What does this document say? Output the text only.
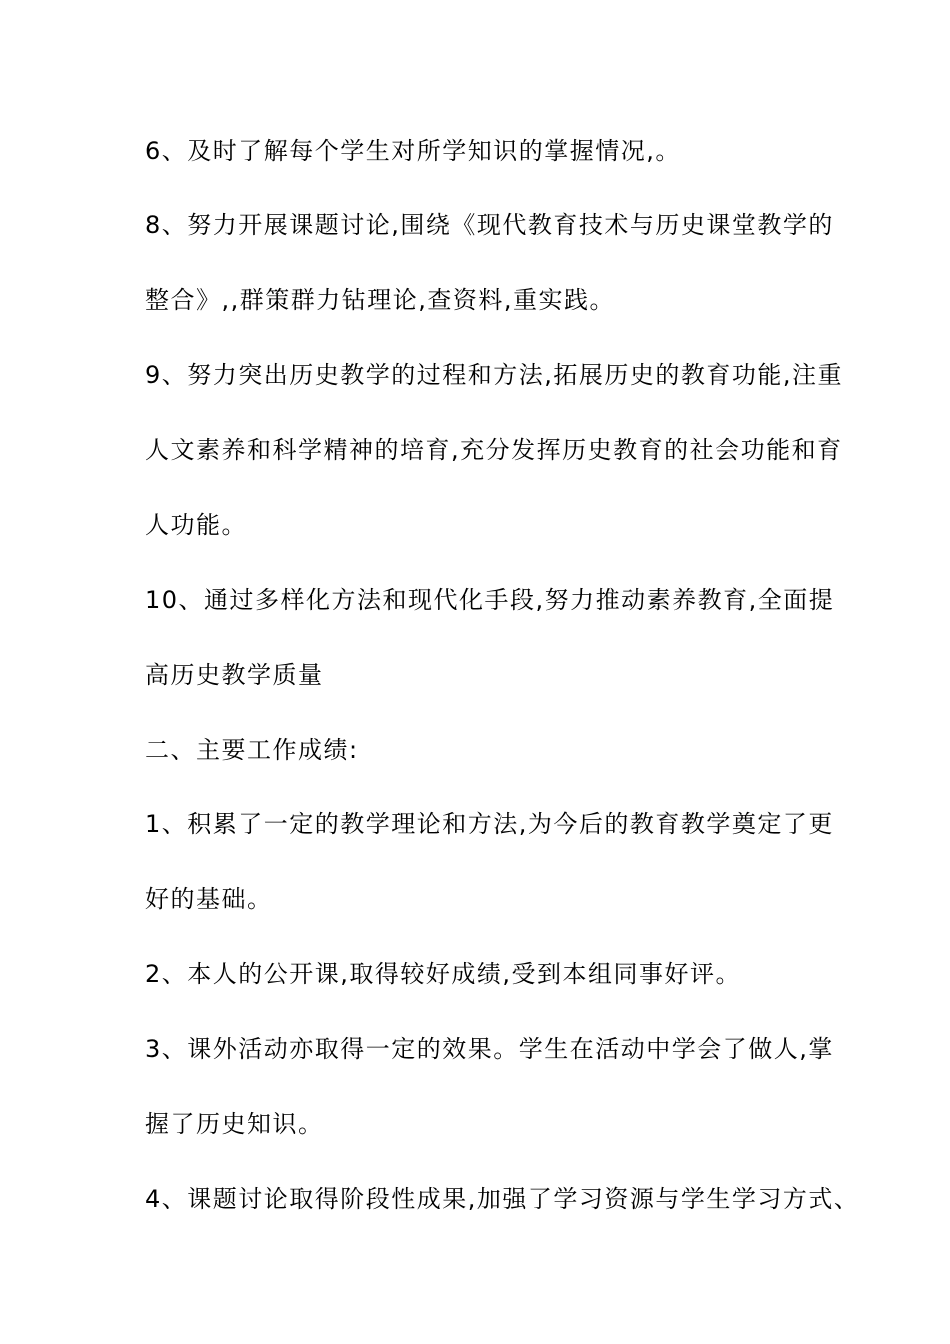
6、及时了解每个学生对所学知识的掌握情况,。
8、努力开展课题讨论,围绕《现代教育技术与历史课堂教学的
整合》,,群策群力钻理论,查资料,重实践。
9、努力突出历史教学的过程和方法,拓展历史的教育功能,注重
人文素养和科学精神的培育,充分发挥历史教育的社会功能和育
人功能。
10、通过多样化方法和现代化手段,努力推动素养教育,全面提
高历史教学质量
二、主要工作成绩:
1、积累了一定的教学理论和方法,为今后的教育教学奠定了更
好的基础。
2、本人的公开课,取得较好成绩,受到本组同事好评。
3、课外活动亦取得一定的效果。学生在活动中学会了做人,掌
握了历史知识。
4、课题讨论取得阶段性成果,加强了学习资源与学生学习方式、
